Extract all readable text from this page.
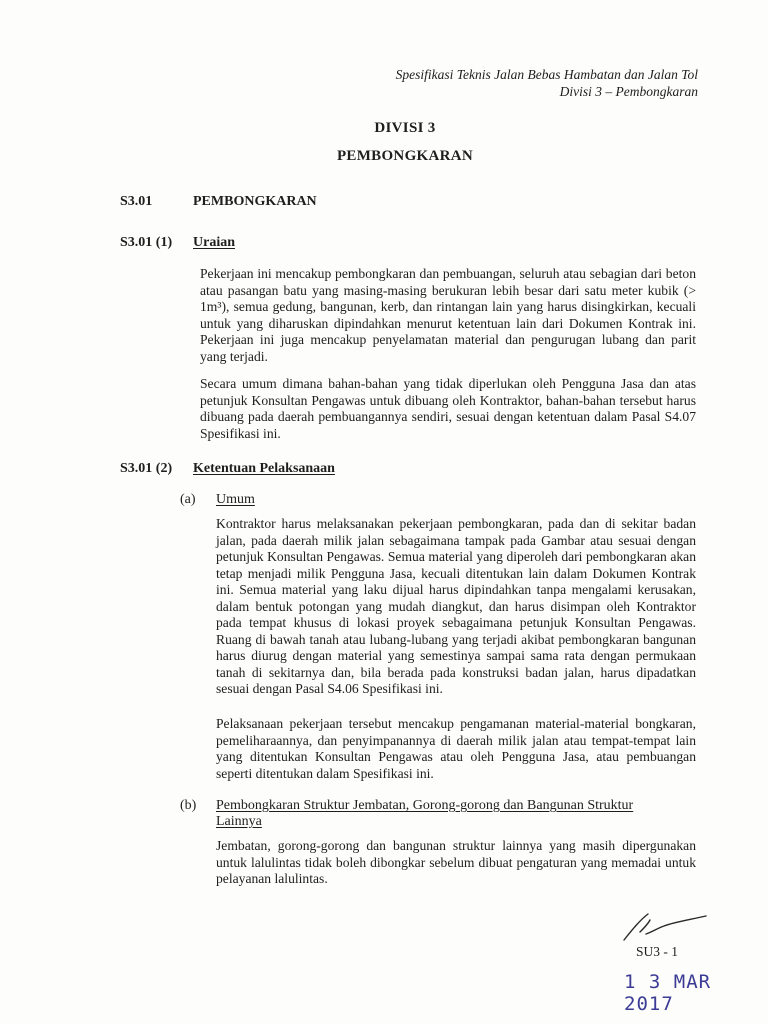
Spesifikasi Teknis Jalan Bebas Hambatan dan Jalan Tol
Divisi 3 – Pembongkaran
DIVISI 3
PEMBONGKARAN
S3.01	PEMBONGKARAN
S3.01 (1) Uraian
Pekerjaan ini mencakup pembongkaran dan pembuangan, seluruh atau sebagian dari beton atau pasangan batu yang masing-masing berukuran lebih besar dari satu meter kubik (> 1m³), semua gedung, bangunan, kerb, dan rintangan lain yang harus disingkirkan, kecuali untuk yang diharuskan dipindahkan menurut ketentuan lain dari Dokumen Kontrak ini. Pekerjaan ini juga mencakup penyelamatan material dan pengurugan lubang dan parit yang terjadi.
Secara umum dimana bahan-bahan yang tidak diperlukan oleh Pengguna Jasa dan atas petunjuk Konsultan Pengawas untuk dibuang oleh Kontraktor, bahan-bahan tersebut harus dibuang pada daerah pembuangannya sendiri, sesuai dengan ketentuan dalam Pasal S4.07 Spesifikasi ini.
S3.01 (2) Ketentuan Pelaksanaan
(a) Umum
Kontraktor harus melaksanakan pekerjaan pembongkaran, pada dan di sekitar badan jalan, pada daerah milik jalan sebagaimana tampak pada Gambar atau sesuai dengan petunjuk Konsultan Pengawas. Semua material yang diperoleh dari pembongkaran akan tetap menjadi milik Pengguna Jasa, kecuali ditentukan lain dalam Dokumen Kontrak ini. Semua material yang laku dijual harus dipindahkan tanpa mengalami kerusakan, dalam bentuk potongan yang mudah diangkut, dan harus disimpan oleh Kontraktor pada tempat khusus di lokasi proyek sebagaimana petunjuk Konsultan Pengawas. Ruang di bawah tanah atau lubang-lubang yang terjadi akibat pembongkaran bangunan harus diurug dengan material yang semestinya sampai sama rata dengan permukaan tanah di sekitarnya dan, bila berada pada konstruksi badan jalan, harus dipadatkan sesuai dengan Pasal S4.06 Spesifikasi ini.
Pelaksanaan pekerjaan tersebut mencakup pengamanan material-material bongkaran, pemeliharaannya, dan penyimpanannya di daerah milik jalan atau tempat-tempat lain yang ditentukan Konsultan Pengawas atau oleh Pengguna Jasa, atau pembuangan seperti ditentukan dalam Spesifikasi ini.
(b) Pembongkaran Struktur Jembatan, Gorong-gorong dan Bangunan Struktur
Lainnya
Jembatan, gorong-gorong dan bangunan struktur lainnya yang masih dipergunakan untuk lalulintas tidak boleh dibongkar sebelum dibuat pengaturan yang memadai untuk pelayanan lalulintas.
SU3 - 1
1 3 MAR 2017
